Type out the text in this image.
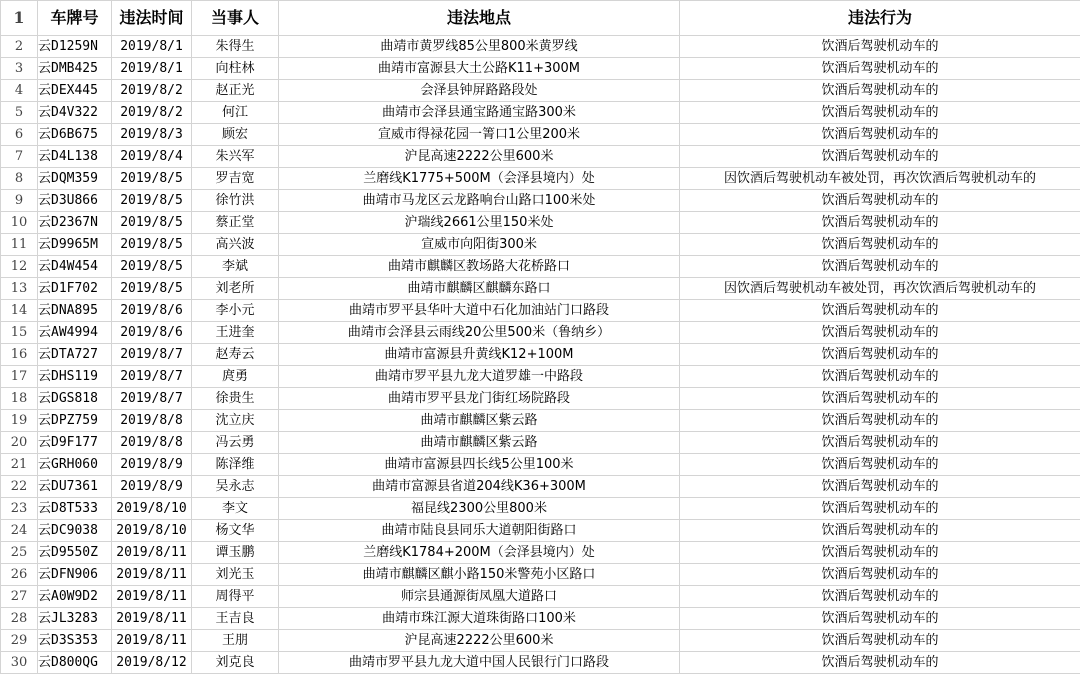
1	车牌号	违法时间	当事人	违法地点	违法行为
2	云D1259N	2019/8/1	朱得生	曲靖市黄罗线85公里800米黄罗线	饮酒后驾驶机动车的
3	云DMB425	2019/8/1	向柱林	曲靖市富源县大土公路K11+300M	饮酒后驾驶机动车的
4	云DEX445	2019/8/2	赵正光	会泽县钟屏路路段处	饮酒后驾驶机动车的
5	云D4V322	2019/8/2	何江	曲靖市会泽县通宝路通宝路300米	饮酒后驾驶机动车的
6	云D6B675	2019/8/3	顾宏	宣威市得禄花园一箐口1公里200米	饮酒后驾驶机动车的
7	云D4L138	2019/8/4	朱兴军	沪昆高速2222公里600米	饮酒后驾驶机动车的
8	云DQM359	2019/8/5	罗吉宽	兰磨线K1775+500M（会泽县境内）处	因饮酒后驾驶机动车被处罚，再次饮酒后驾驶机动车的
9	云D3U866	2019/8/5	徐竹洪	曲靖市马龙区云龙路响台山路口100米处	饮酒后驾驶机动车的
10	云D2367N	2019/8/5	蔡正堂	沪瑞线2661公里150米处	饮酒后驾驶机动车的
11	云D9965M	2019/8/5	高兴波	宣威市向阳街300米	饮酒后驾驶机动车的
12	云D4W454	2019/8/5	李斌	曲靖市麒麟区教场路大花桥路口	饮酒后驾驶机动车的
13	云D1F702	2019/8/5	刘老所	曲靖市麒麟区麒麟东路口	因饮酒后驾驶机动车被处罚，再次饮酒后驾驶机动车的
14	云DNA895	2019/8/6	李小元	曲靖市罗平县华叶大道中石化加油站门口路段	饮酒后驾驶机动车的
15	云AW4994	2019/8/6	王进奎	曲靖市会泽县云雨线20公里500米（鲁纳乡）	饮酒后驾驶机动车的
16	云DTA727	2019/8/7	赵寿云	曲靖市富源县升黄线K12+100M	饮酒后驾驶机动车的
17	云DHS119	2019/8/7	庹勇	曲靖市罗平县九龙大道罗雄一中路段	饮酒后驾驶机动车的
18	云DGS818	2019/8/7	徐贵生	曲靖市罗平县龙门街红场院路段	饮酒后驾驶机动车的
19	云DPZ759	2019/8/8	沈立庆	曲靖市麒麟区紫云路	饮酒后驾驶机动车的
20	云D9F177	2019/8/8	冯云勇	曲靖市麒麟区紫云路	饮酒后驾驶机动车的
21	云GRH060	2019/8/9	陈泽维	曲靖市富源县四长线5公里100米	饮酒后驾驶机动车的
22	云DU7361	2019/8/9	吴永志	曲靖市富源县省道204线K36+300M	饮酒后驾驶机动车的
23	云D8T533	2019/8/10	李文	福昆线2300公里800米	饮酒后驾驶机动车的
24	云DC9038	2019/8/10	杨文华	曲靖市陆良县同乐大道朝阳街路口	饮酒后驾驶机动车的
25	云D9550Z	2019/8/11	谭玉鹏	兰磨线K1784+200M（会泽县境内）处	饮酒后驾驶机动车的
26	云DFN906	2019/8/11	刘光玉	曲靖市麒麟区麒小路150米警苑小区路口	饮酒后驾驶机动车的
27	云A0W9D2	2019/8/11	周得平	师宗县通源街凤凰大道路口	饮酒后驾驶机动车的
28	云JL3283	2019/8/11	王吉良	曲靖市珠江源大道珠街路口100米	饮酒后驾驶机动车的
29	云D3S353	2019/8/11	王朋	沪昆高速2222公里600米	饮酒后驾驶机动车的
30	云D800QG	2019/8/12	刘克良	曲靖市罗平县九龙大道中国人民银行门口路段	饮酒后驾驶机动车的
